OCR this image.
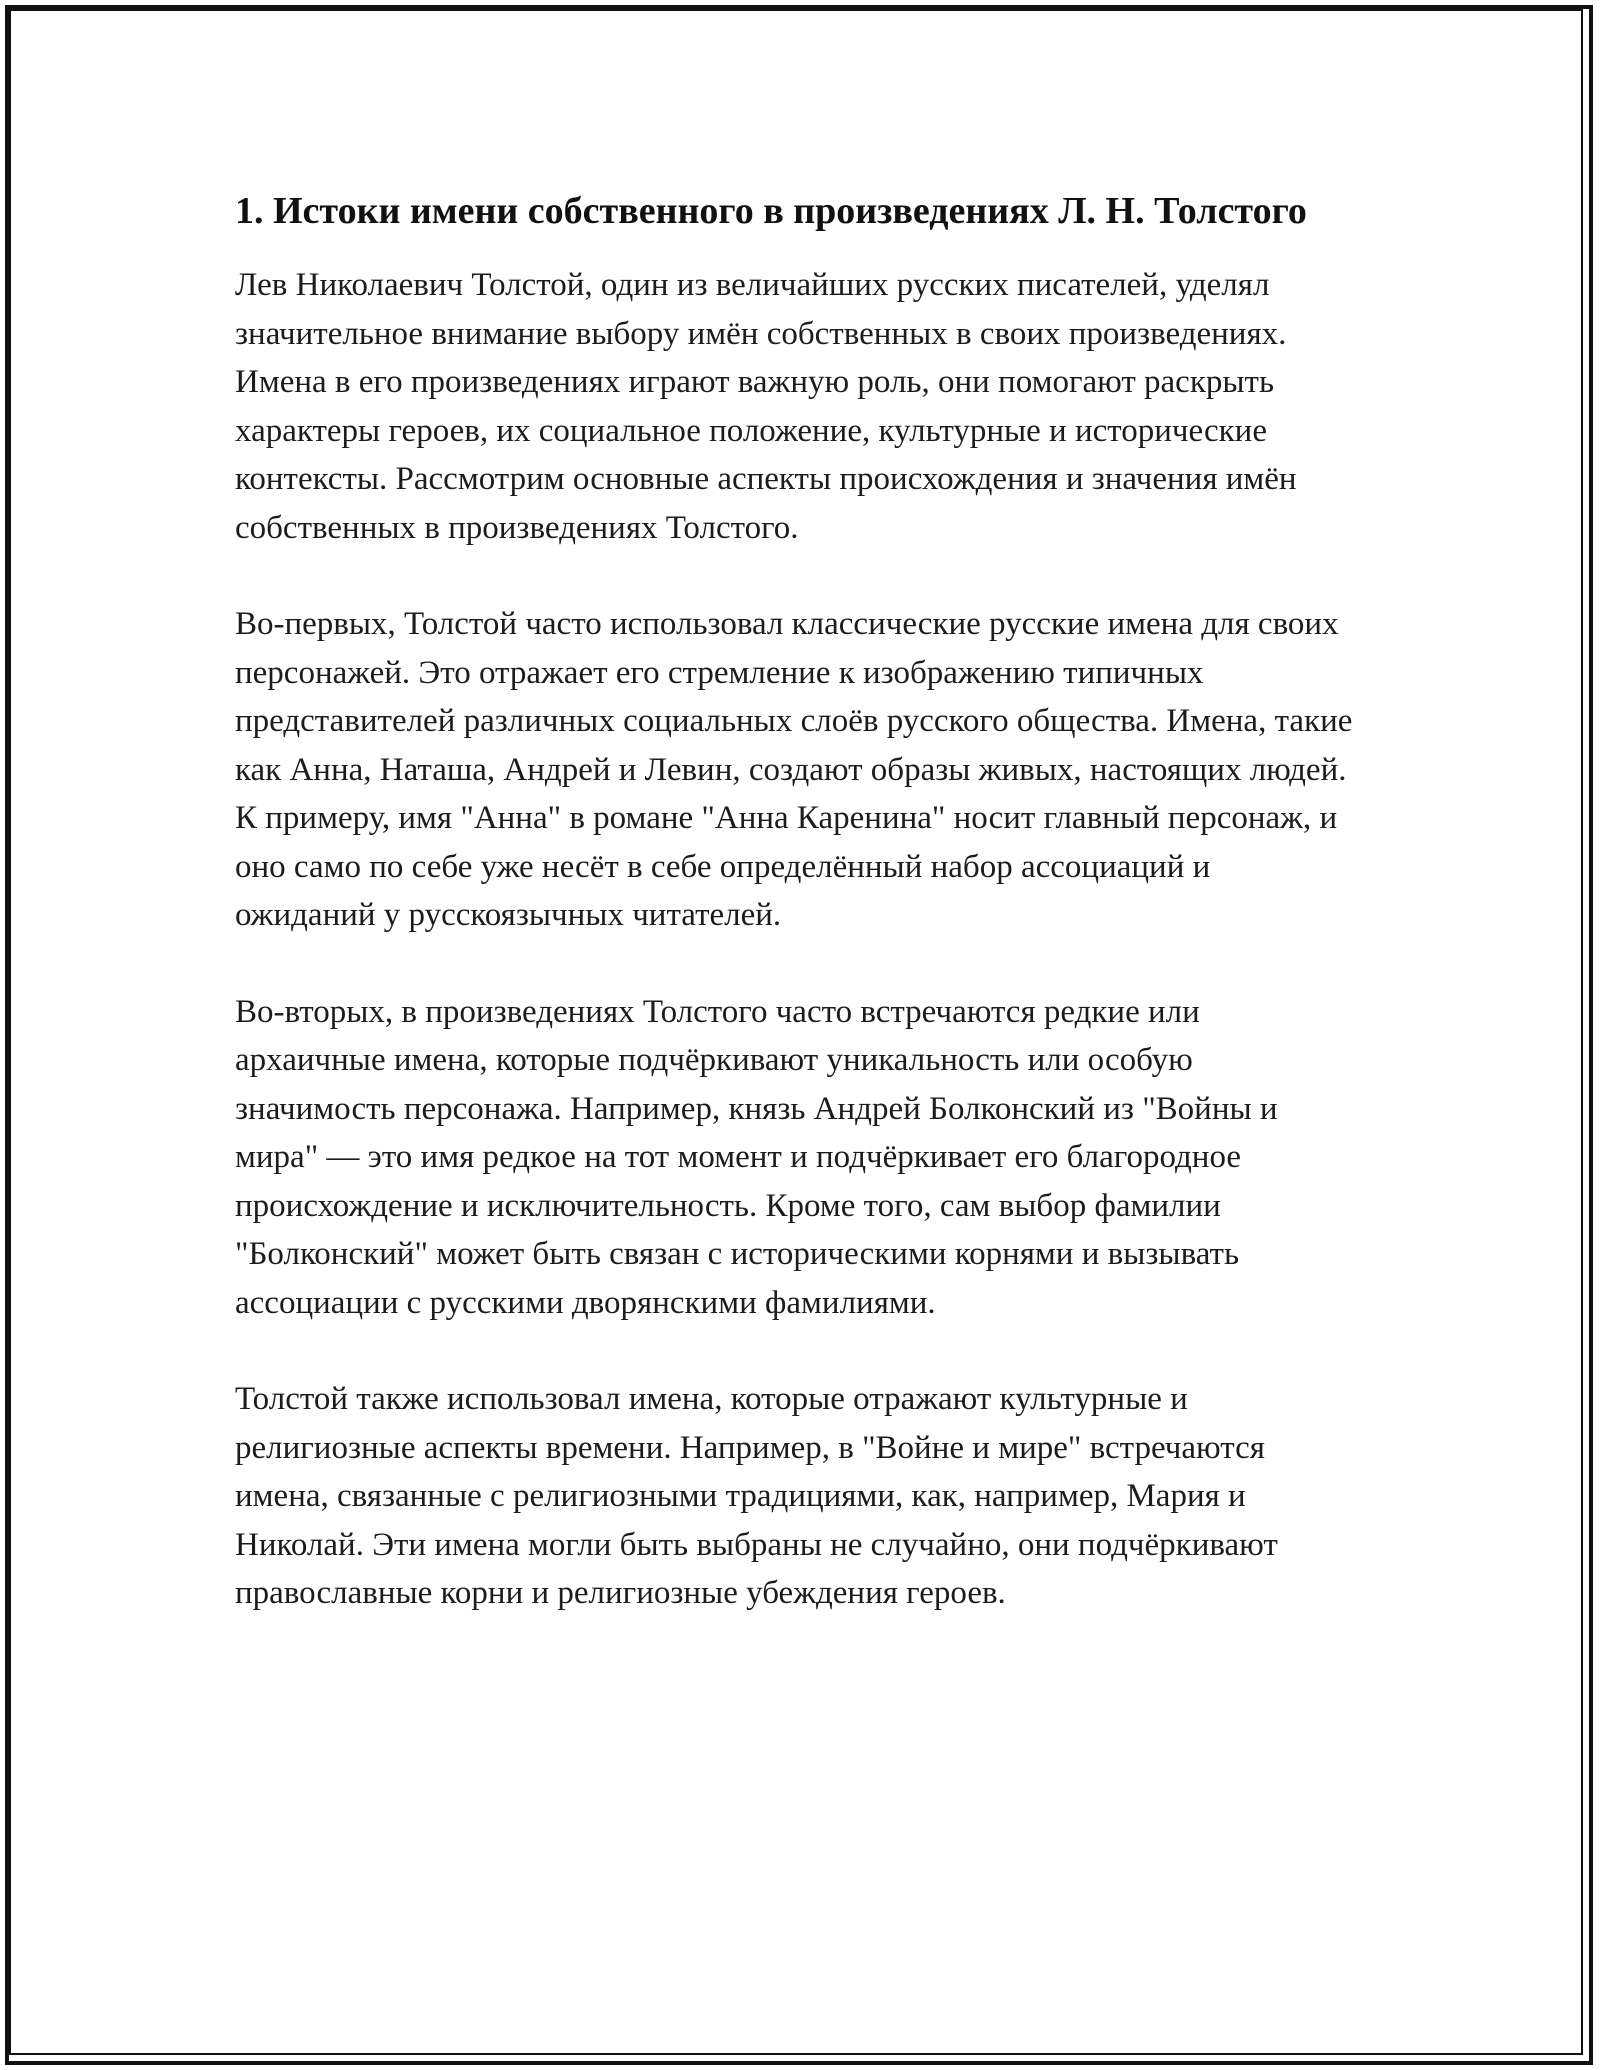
1. Истоки имени собственного в произведениях Л. Н. Толстого

Лев Николаевич Толстой, один из величайших русских писателей, уделял значительное внимание выбору имён собственных в своих произведениях. Имена в его произведениях играют важную роль, они помогают раскрыть характеры героев, их социальное положение, культурные и исторические контексты. Рассмотрим основные аспекты происхождения и значения имён собственных в произведениях Толстого.

Во-первых, Толстой часто использовал классические русские имена для своих персонажей. Это отражает его стремление к изображению типичных представителей различных социальных слоёв русского общества. Имена, такие как Анна, Наташа, Андрей и Левин, создают образы живых, настоящих людей. К примеру, имя "Анна" в романе "Анна Каренина" носит главный персонаж, и оно само по себе уже несёт в себе определённый набор ассоциаций и ожиданий у русскоязычных читателей.

Во-вторых, в произведениях Толстого часто встречаются редкие или архаичные имена, которые подчёркивают уникальность или особую значимость персонажа. Например, князь Андрей Болконский из "Войны и мира" — это имя редкое на тот момент и подчёркивает его благородное происхождение и исключительность. Кроме того, сам выбор фамилии "Болконский" может быть связан с историческими корнями и вызывать ассоциации с русскими дворянскими фамилиями.

Толстой также использовал имена, которые отражают культурные и религиозные аспекты времени. Например, в "Войне и мире" встречаются имена, связанные с религиозными традициями, как, например, Мария и Николай. Эти имена могли быть выбраны не случайно, они подчёркивают православные корни и религиозные убеждения героев.
